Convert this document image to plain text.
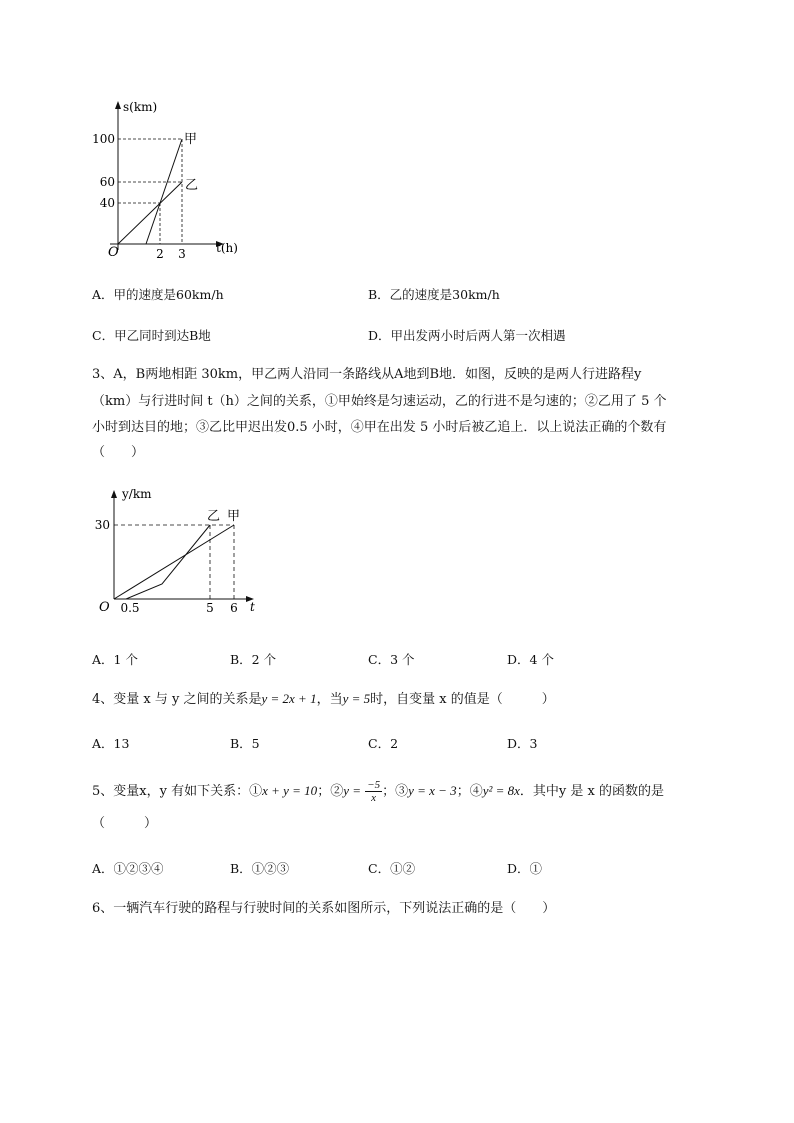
s(km)
100
60
40
O	2 3	t(h)
甲
乙
A．甲的速度是60km/h	B．乙的速度是30km/h
C．甲乙同时到达B地	D．甲出发两小时后两人第一次相遇
3、A，B两地相距 30km，甲乙两人沿同一条路线从A地到B地．如图，反映的是两人行进路程y
（km）与行进时间 t（h）之间的关系，①甲始终是匀速运动，乙的行进不是匀速的；②乙用了 5 个
小时到达目的地；③乙比甲迟出发0.5 小时，④甲在出发 5 小时后被乙追上．以上说法正确的个数有
（　　）
y/km
30
O 0.5	5 6 t
乙 甲
A．1 个	B．2 个	C．3 个	D．4 个
4、变量 x 与 y 之间的关系是y = 2x + 1，当y = 5时，自变量 x 的值是（　　　）
A．13	B．5	C．2	D．3
5、变量x，y 有如下关系：①x + y = 10；②y = $\frac{-5}{x}$ ；③y = x − 3；④y² = 8x．其中y 是 x 的函数的是
（　　　）
A．①②③④	B．①②③	C．①②	D．①
6、一辆汽车行驶的路程与行驶时间的关系如图所示，下列说法正确的是（　　）
